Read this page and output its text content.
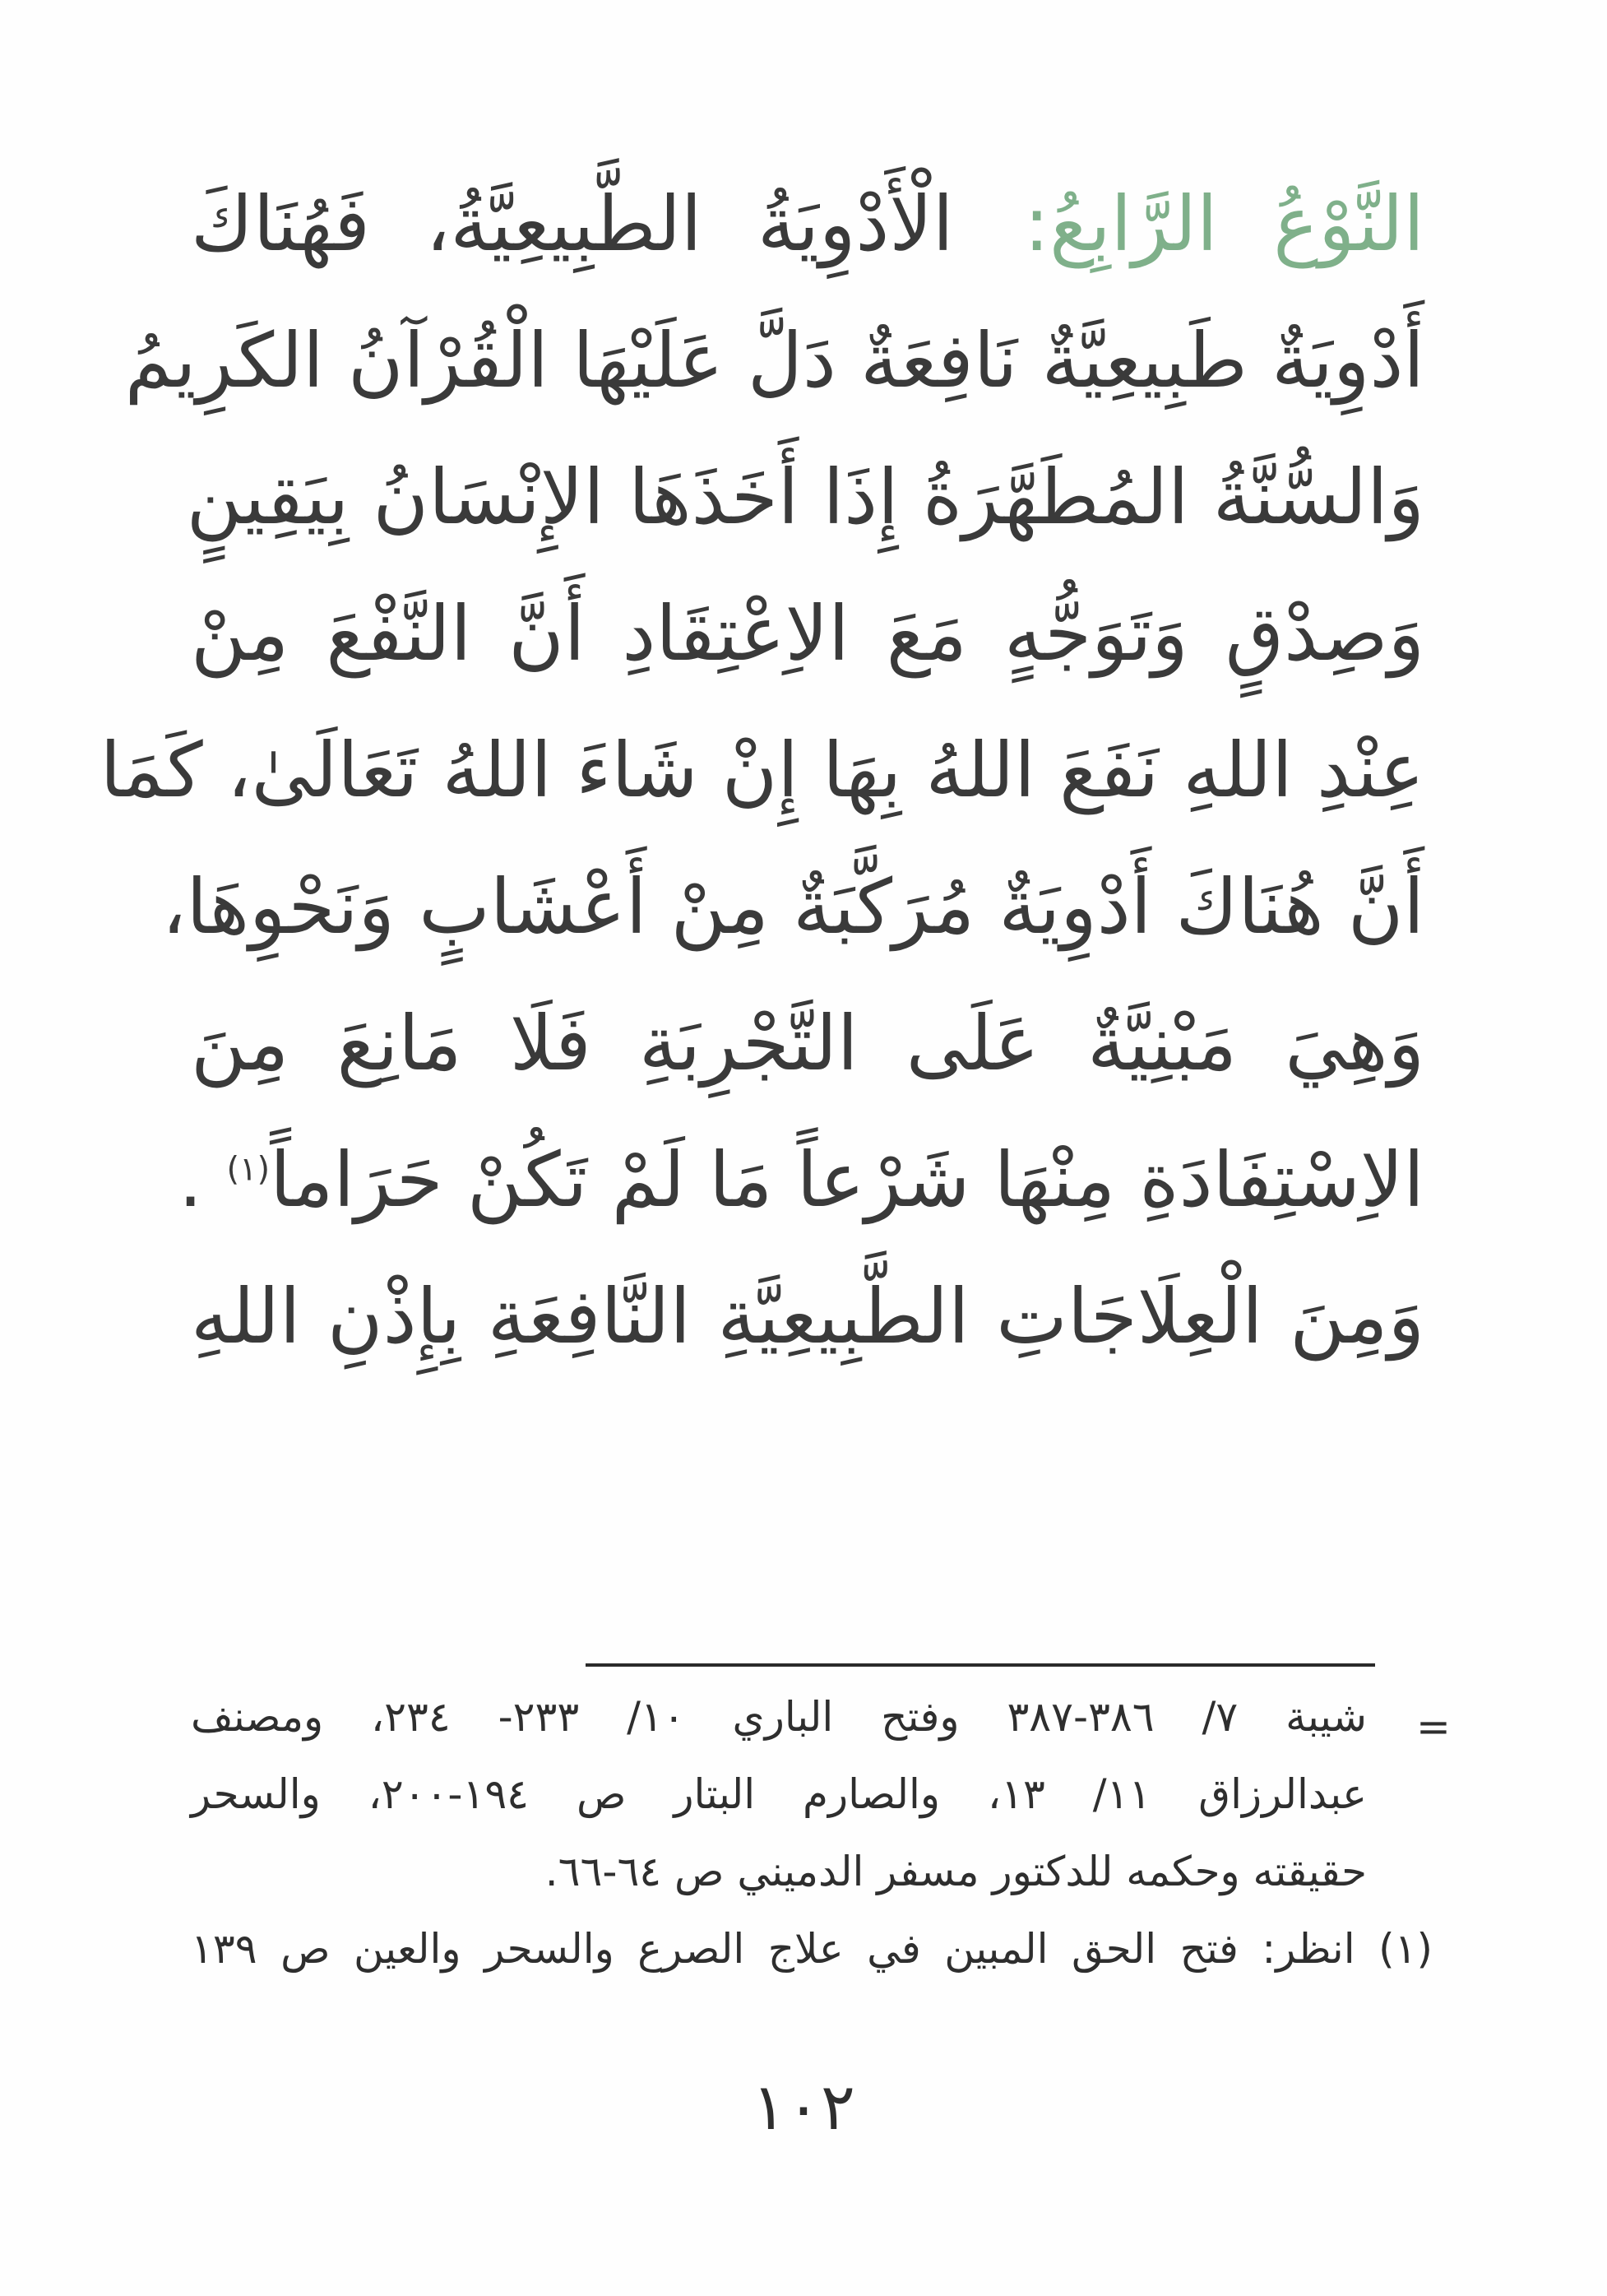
النَّوْعُ الرَّابِعُ: الْأَدْوِيَةُ الطَّبِيعِيَّةُ، فَهُنَاكَ
أَدْوِيَةٌ طَبِيعِيَّةٌ نَافِعَةٌ دَلَّ عَلَيْهَا الْقُرْآنُ الكَرِيمُ
وَالسُّنَّةُ المُطَهَّرَةُ إِذَا أَخَذَهَا الإِنْسَانُ بِيَقِينٍ
وَصِدْقٍ وَتَوَجُّهٍ مَعَ الاِعْتِقَادِ أَنَّ النَّفْعَ مِنْ
عِنْدِ اللهِ نَفَعَ اللهُ بِهَا إِنْ شَاءَ اللهُ تَعَالَىٰ، كَمَا
أَنَّ هُنَاكَ أَدْوِيَةٌ مُرَكَّبَةٌ مِنْ أَعْشَابٍ وَنَحْوِهَا،
وَهِيَ مَبْنِيَّةٌ عَلَى التَّجْرِبَةِ فَلَا مَانِعَ مِنَ
الاِسْتِفَادَةِ مِنْهَا شَرْعاً مَا لَمْ تَكُنْ حَرَاماً$^{(١)}$ .
وَمِنَ الْعِلَاجَاتِ الطَّبِيعِيَّةِ النَّافِعَةِ بِإِذْنِ اللهِ
=
شيبة ٧/ ٣٨٦-٣٨٧ وفتح الباري ١٠/ ٢٣٣- ٢٣٤، ومصنف
عبدالرزاق ١١/ ١٣، والصارم البتار ص ١٩٤-٢٠٠، والسحر
حقيقته وحكمه للدكتور مسفر الدميني ص ٦٤-٦٦.
(١) انظر: فتح الحق المبين في علاج الصرع والسحر والعين ص ١٣٩
١٠٢
